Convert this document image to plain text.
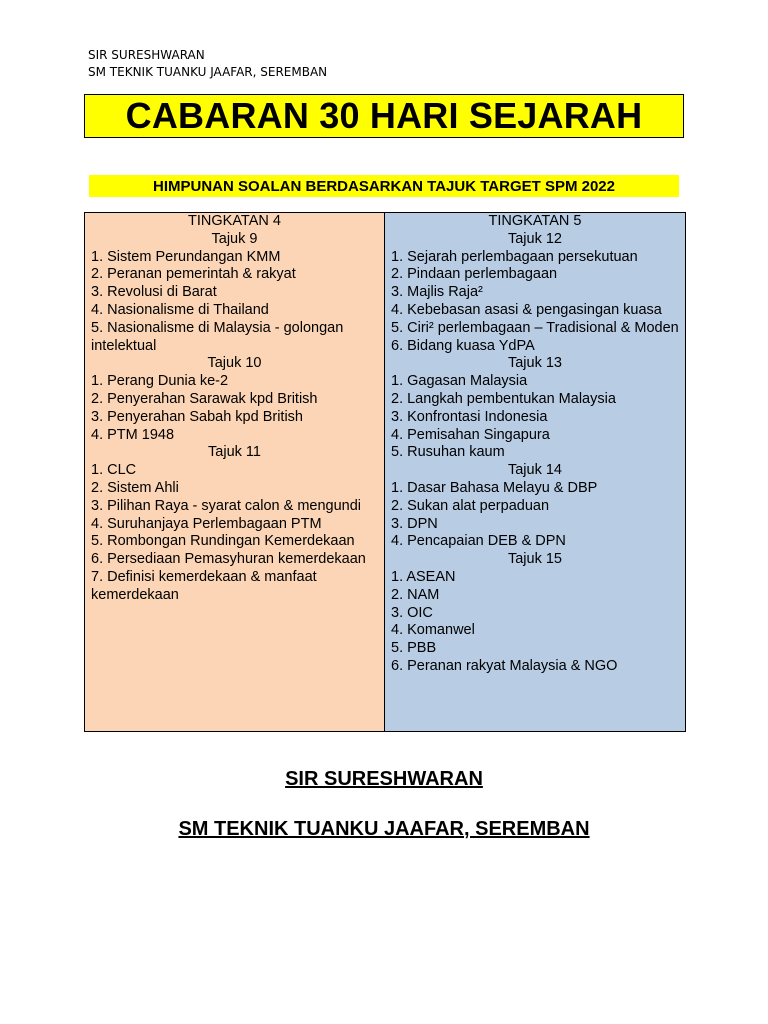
SIR SURESHWARAN
SM TEKNIK TUANKU JAAFAR, SEREMBAN
CABARAN 30 HARI SEJARAH
HIMPUNAN SOALAN BERDASARKAN TAJUK TARGET SPM 2022
TINGKATAN 4
Tajuk 9
1. Sistem Perundangan KMM
2. Peranan pemerintah & rakyat
3. Revolusi di Barat
4. Nasionalisme di Thailand
5. Nasionalisme di Malaysia - golongan intelektual
Tajuk 10
1. Perang Dunia ke-2
2. Penyerahan Sarawak kpd British
3. Penyerahan Sabah kpd British
4. PTM 1948
Tajuk 11
1. CLC
2. Sistem Ahli
3. Pilihan Raya - syarat calon & mengundi
4. Suruhanjaya Perlembagaan PTM
5. Rombongan Rundingan Kemerdekaan
6. Persediaan Pemasyhuran kemerdekaan
7. Definisi kemerdekaan & manfaat kemerdekaan
TINGKATAN 5
Tajuk 12
1. Sejarah perlembagaan persekutuan
2. Pindaan perlembagaan
3. Majlis Raja²
4. Kebebasan asasi & pengasingan kuasa
5. Ciri² perlembagaan – Tradisional & Moden
6. Bidang kuasa YdPA
Tajuk 13
1. Gagasan Malaysia
2. Langkah pembentukan Malaysia
3. Konfrontasi Indonesia
4. Pemisahan Singapura
5. Rusuhan kaum
Tajuk 14
1. Dasar Bahasa Melayu & DBP
2. Sukan alat perpaduan
3. DPN
4. Pencapaian DEB & DPN
Tajuk 15
1. ASEAN
2. NAM
3. OIC
4. Komanwel
5. PBB
6. Peranan rakyat Malaysia & NGO
SIR SURESHWARAN
SM TEKNIK TUANKU JAAFAR, SEREMBAN
